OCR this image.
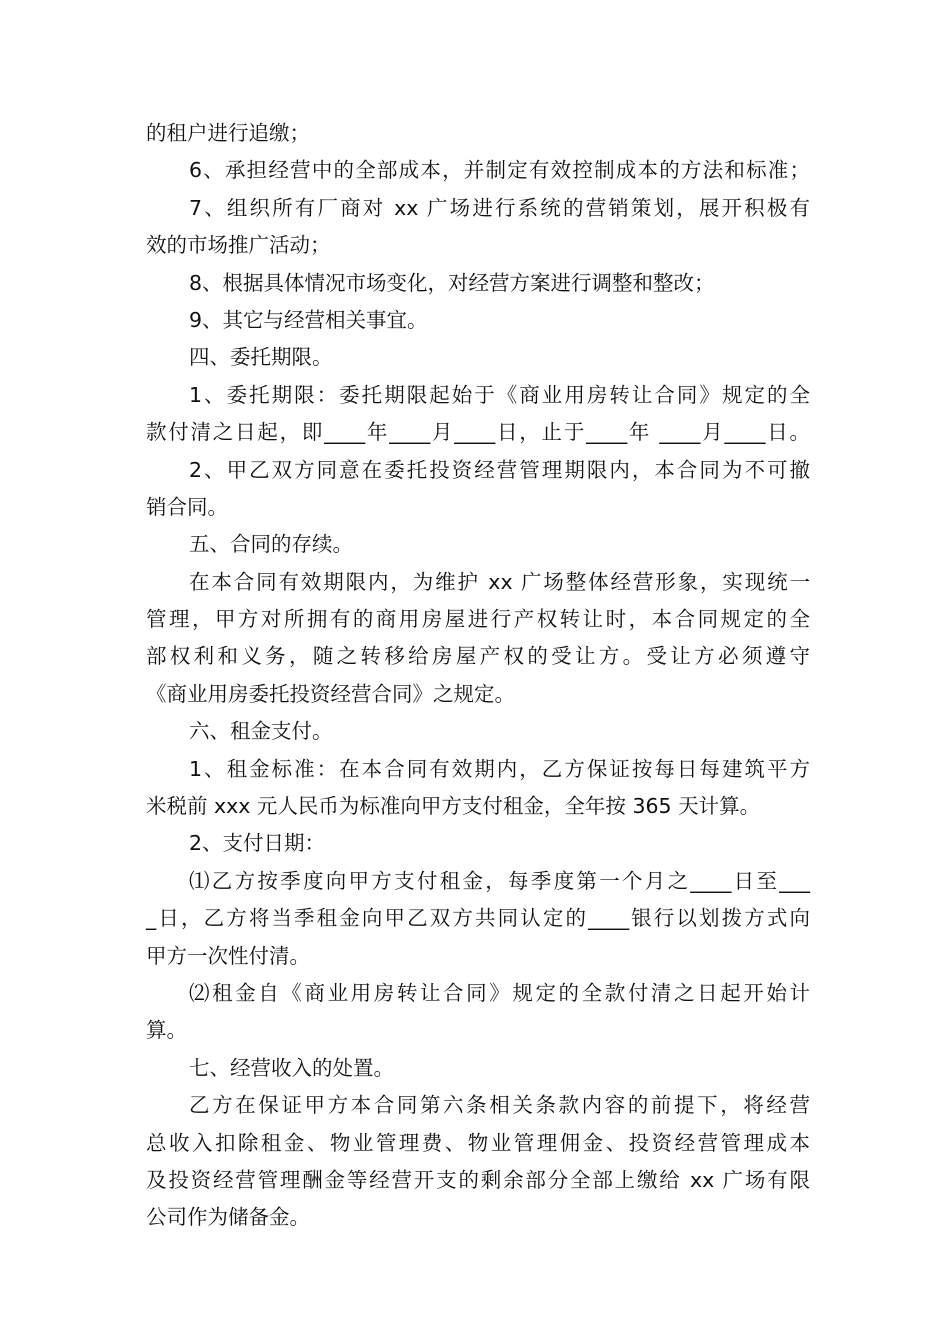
的租户进行追缴；
6、承担经营中的全部成本，并制定有效控制成本的方法和标准；
7、组织所有厂商对 xx 广场进行系统的营销策划，展开积极有
效的市场推广活动；
8、根据具体情况市场变化，对经营方案进行调整和整改；
9、其它与经营相关事宜。
四、委托期限。
1、委托期限：委托期限起始于《商业用房转让合同》规定的全
款付清之日起，即____年____月____日，止于____年 ____月____日。
2、甲乙双方同意在委托投资经营管理期限内，本合同为不可撤
销合同。
五、合同的存续。
在本合同有效期限内，为维护 xx 广场整体经营形象，实现统一
管理，甲方对所拥有的商用房屋进行产权转让时，本合同规定的全
部权利和义务，随之转移给房屋产权的受让方。受让方必须遵守
《商业用房委托投资经营合同》之规定。
六、租金支付。
1、租金标准：在本合同有效期内，乙方保证按每日每建筑平方
米税前 xxx 元人民币为标准向甲方支付租金，全年按 365 天计算。
2、支付日期：
⑴乙方按季度向甲方支付租金，每季度第一个月之____日至___
_日，乙方将当季租金向甲乙双方共同认定的____银行以划拨方式向
甲方一次性付清。
⑵租金自《商业用房转让合同》规定的全款付清之日起开始计
算。
七、经营收入的处置。
乙方在保证甲方本合同第六条相关条款内容的前提下，将经营
总收入扣除租金、物业管理费、物业管理佣金、投资经营管理成本
及投资经营管理酬金等经营开支的剩余部分全部上缴给 xx 广场有限
公司作为储备金。
